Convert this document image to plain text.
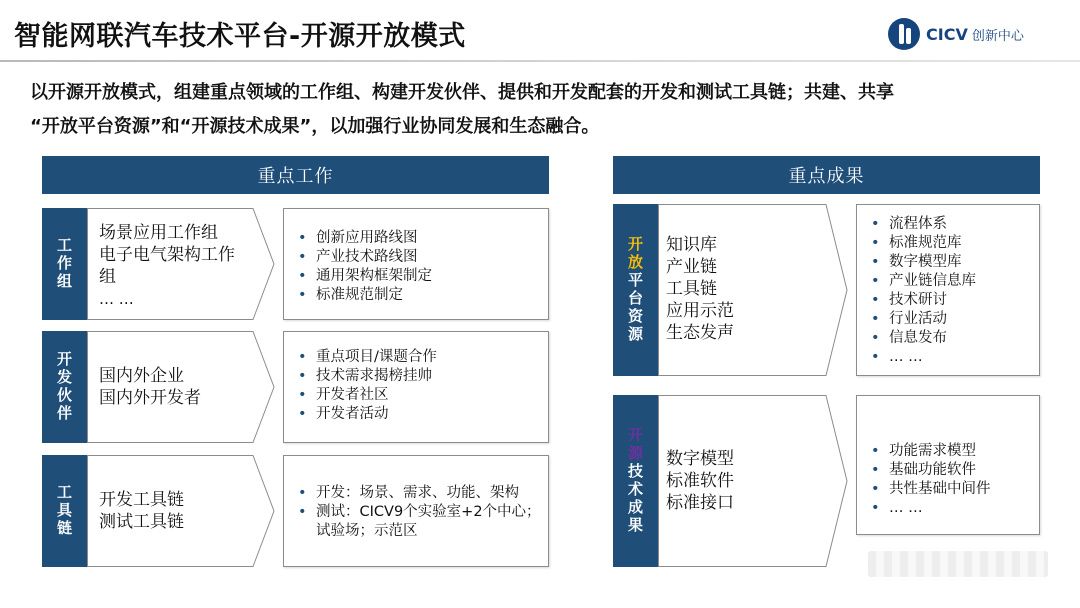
智能网联汽车技术平台-开源开放模式	CICV 创新中心
以开源开放模式，组建重点领域的工作组、构建开发伙伴、提供和开发配套的开发和测试工具链；共建、共享
“开放平台资源”和“开源技术成果”，以加强行业协同发展和生态融合。
重点工作
工作组
场景应用工作组
电子电气架构工作组
… …
• 创新应用路线图
• 产业技术路线图
• 通用架构框架制定
• 标准规范制定
开发伙伴	国内外企业
国内外开发者
• 重点项目/课题合作
• 技术需求揭榜挂帅
• 开发者社区
• 开发者活动
工具链	开发工具链
测试工具链
• 开发：场景、需求、功能、架构
• 测试：CICV9个实验室+2个中心；
试验场；示范区
重点成果
开放
平台资源
知识库
产业链
工具链
应用示范
生态发声
• 流程体系
• 标准规范库
• 数字模型库
• 产业链信息库
• 技术研讨
• 行业活动
• 信息发布
• … …
开源
技术成果
数字模型
标准软件
标准接口
• 功能需求模型
• 基础功能软件
• 共性基础中间件
• … …
